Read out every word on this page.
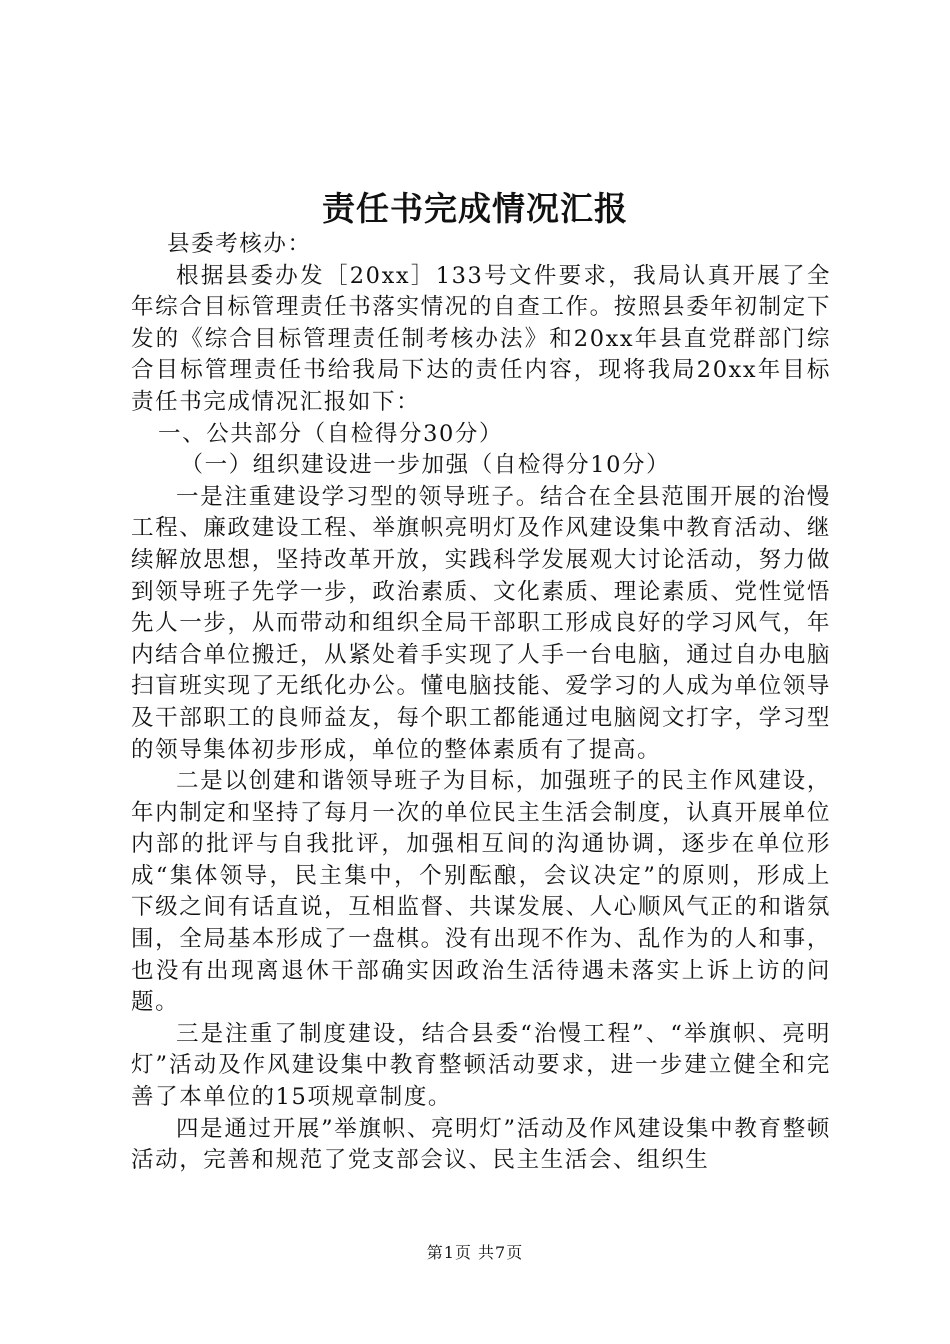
责任书完成情况汇报

县委考核办：

根据县委办发［20xx］133号文件要求，我局认真开展了全年综合目标管理责任书落实情况的自查工作。按照县委年初制定下发的《综合目标管理责任制考核办法》和20xx年县直党群部门综合目标管理责任书给我局下达的责任内容，现将我局20xx年目标责任书完成情况汇报如下：

一、公共部分（自检得分30分）

（一）组织建设进一步加强（自检得分10分）

一是注重建设学习型的领导班子。结合在全县范围开展的治慢工程、廉政建设工程、举旗帜亮明灯及作风建设集中教育活动、继续解放思想，坚持改革开放，实践科学发展观大讨论活动，努力做到领导班子先学一步，政治素质、文化素质、理论素质、党性觉悟先人一步，从而带动和组织全局干部职工形成良好的学习风气，年内结合单位搬迁，从紧处着手实现了人手一台电脑，通过自办电脑扫盲班实现了无纸化办公。懂电脑技能、爱学习的人成为单位领导及干部职工的良师益友，每个职工都能通过电脑阅文打字，学习型的领导集体初步形成，单位的整体素质有了提高。

二是以创建和谐领导班子为目标，加强班子的民主作风建设，年内制定和坚持了每月一次的单位民主生活会制度，认真开展单位内部的批评与自我批评，加强相互间的沟通协调，逐步在单位形成“集体领导，民主集中，个别酝酿，会议决定”的原则，形成上下级之间有话直说，互相监督、共谋发展、人心顺风气正的和谐氛围，全局基本形成了一盘棋。没有出现不作为、乱作为的人和事，也没有出现离退休干部确实因政治生活待遇未落实上诉上访的问题。

三是注重了制度建设，结合县委“治慢工程”、“举旗帜、亮明灯”活动及作风建设集中教育整顿活动要求，进一步建立健全和完善了本单位的15项规章制度。

四是通过开展”举旗帜、亮明灯”活动及作风建设集中教育整顿活动，完善和规范了党支部会议、民主生活会、组织生

第1页 共7页
